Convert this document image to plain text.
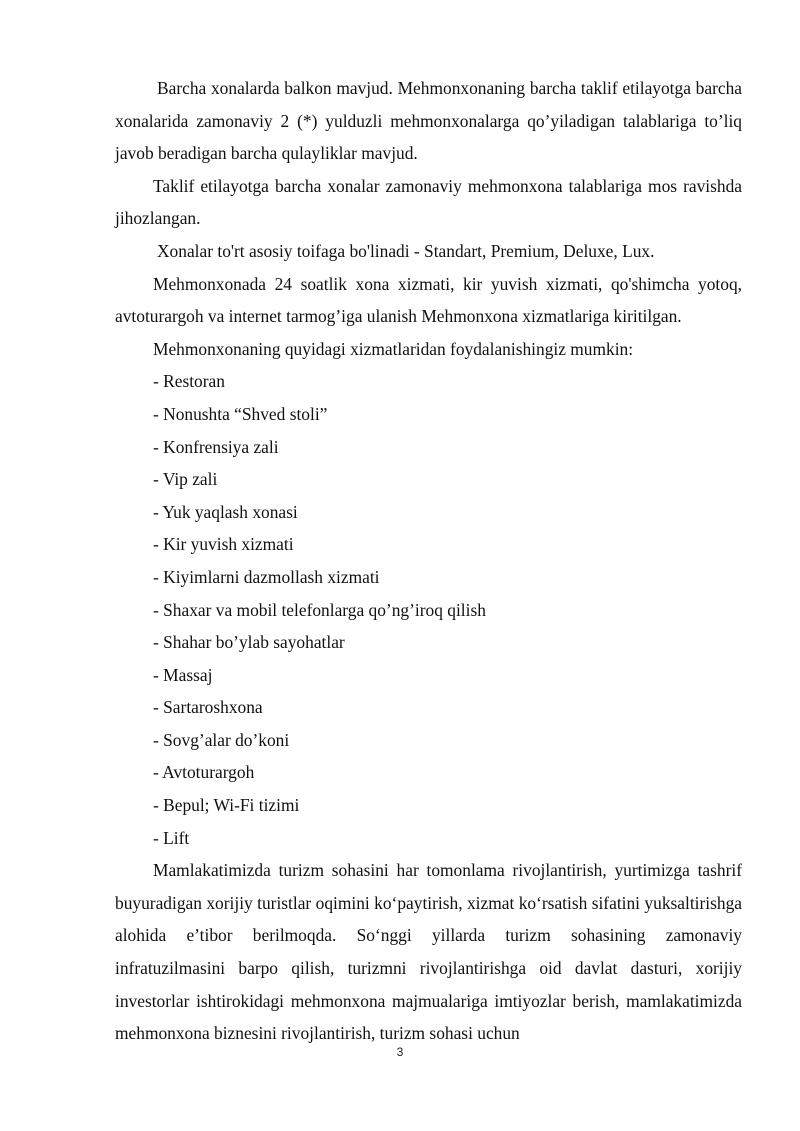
Barcha xonalarda balkon mavjud. Mehmonxonaning barcha taklif etilayotga barcha xonalarida zamonaviy 2 (*) yulduzli mehmonxonalarga qo’yiladigan talablariga to’liq javob beradigan barcha qulayliklar mavjud.

Taklif etilayotga barcha xonalar zamonaviy mehmonxona talablariga mos ravishda jihozlangan.

Xonalar to'rt asosiy toifaga bo'linadi - Standart, Premium, Deluxe, Lux.

Mehmonxonada 24 soatlik xona xizmati, kir yuvish xizmati, qo'shimcha yotoq, avtoturargoh va internet tarmog’iga ulanish Mehmonxona xizmatlariga kiritilgan.

Mehmonxonaning quyidagi xizmatlaridan foydalanishingiz mumkin:

- Restoran
- Nonushta “Shved stoli”
- Konfrensiya zali
- Vip zali
- Yuk yaqlash xonasi
- Kir yuvish xizmati
- Kiyimlarni dazmollash xizmati
- Shaxar va mobil telefonlarga qo’ng’iroq qilish
- Shahar bo’ylab sayohatlar
- Massaj
- Sartaroshxona
- Sovg’alar do’koni
- Avtoturargoh
- Bepul; Wi-Fi tizimi
- Lift

Mamlakatimizda turizm sohasini har tomonlama rivojlantirish, yurtimizga tashrif buyuradigan xorijiy turistlar oqimini ko‘paytirish, xizmat ko‘rsatish sifatini yuksaltirishga alohida e’tibor berilmoqda. So‘nggi yillarda turizm sohasining zamonaviy infratuzilmasini barpo qilish, turizmni rivojlantirishga oid davlat dasturi, xorijiy investorlar ishtirokidagi mehmonxona majmualariga imtiyozlar berish, mamlakatimizda mehmonxona biznesini rivojlantirish, turizm sohasi uchun

3
